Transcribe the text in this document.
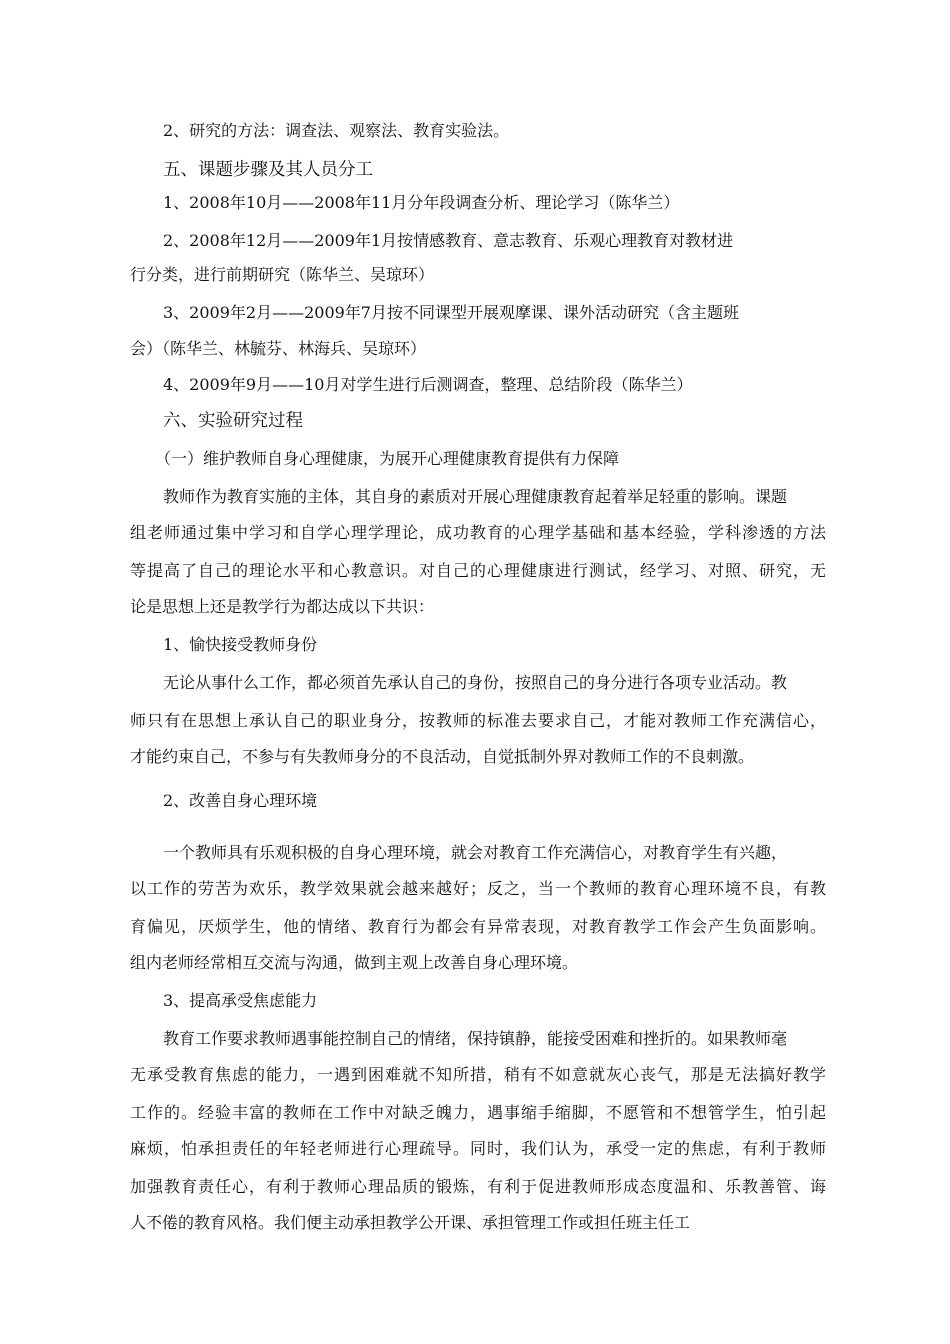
2、研究的方法：调查法、观察法、教育实验法。
五、课题步骤及其人员分工
1、2008年10月——2008年11月分年段调查分析、理论学习（陈华兰）
2、2008年12月——2009年1月按情感教育、意志教育、乐观心理教育对教材进
行分类，进行前期研究（陈华兰、吴琼环）
3、2009年2月——2009年7月按不同课型开展观摩课、课外活动研究（含主题班
会）（陈华兰、林毓芬、林海兵、吴琼环）
4、2009年9月——10月对学生进行后测调查，整理、总结阶段（陈华兰）
六、实验研究过程
（一）维护教师自身心理健康，为展开心理健康教育提供有力保障
教师作为教育实施的主体，其自身的素质对开展心理健康教育起着举足轻重的影响。课题
组老师通过集中学习和自学心理学理论，成功教育的心理学基础和基本经验，学科渗透的方法
等提高了自己的理论水平和心教意识。对自己的心理健康进行测试，经学习、对照、研究，无
论是思想上还是教学行为都达成以下共识：
1、愉快接受教师身份
无论从事什么工作，都必须首先承认自己的身份，按照自己的身分进行各项专业活动。教
师只有在思想上承认自己的职业身分，按教师的标准去要求自己，才能对教师工作充满信心，
才能约束自己，不参与有失教师身分的不良活动，自觉抵制外界对教师工作的不良刺激。
2、改善自身心理环境
一个教师具有乐观积极的自身心理环境，就会对教育工作充满信心，对教育学生有兴趣，
以工作的劳苦为欢乐，教学效果就会越来越好；反之，当一个教师的教育心理环境不良，有教
育偏见，厌烦学生，他的情绪、教育行为都会有异常表现，对教育教学工作会产生负面影响。
组内老师经常相互交流与沟通，做到主观上改善自身心理环境。
3、提高承受焦虑能力
教育工作要求教师遇事能控制自己的情绪，保持镇静，能接受困难和挫折的。如果教师毫
无承受教育焦虑的能力，一遇到困难就不知所措，稍有不如意就灰心丧气，那是无法搞好教学
工作的。经验丰富的教师在工作中对缺乏魄力，遇事缩手缩脚，不愿管和不想管学生，怕引起
麻烦，怕承担责任的年轻老师进行心理疏导。同时，我们认为，承受一定的焦虑，有利于教师
加强教育责任心，有利于教师心理品质的锻炼，有利于促进教师形成态度温和、乐教善管、诲
人不倦的教育风格。我们便主动承担教学公开课、承担管理工作或担任班主任工
